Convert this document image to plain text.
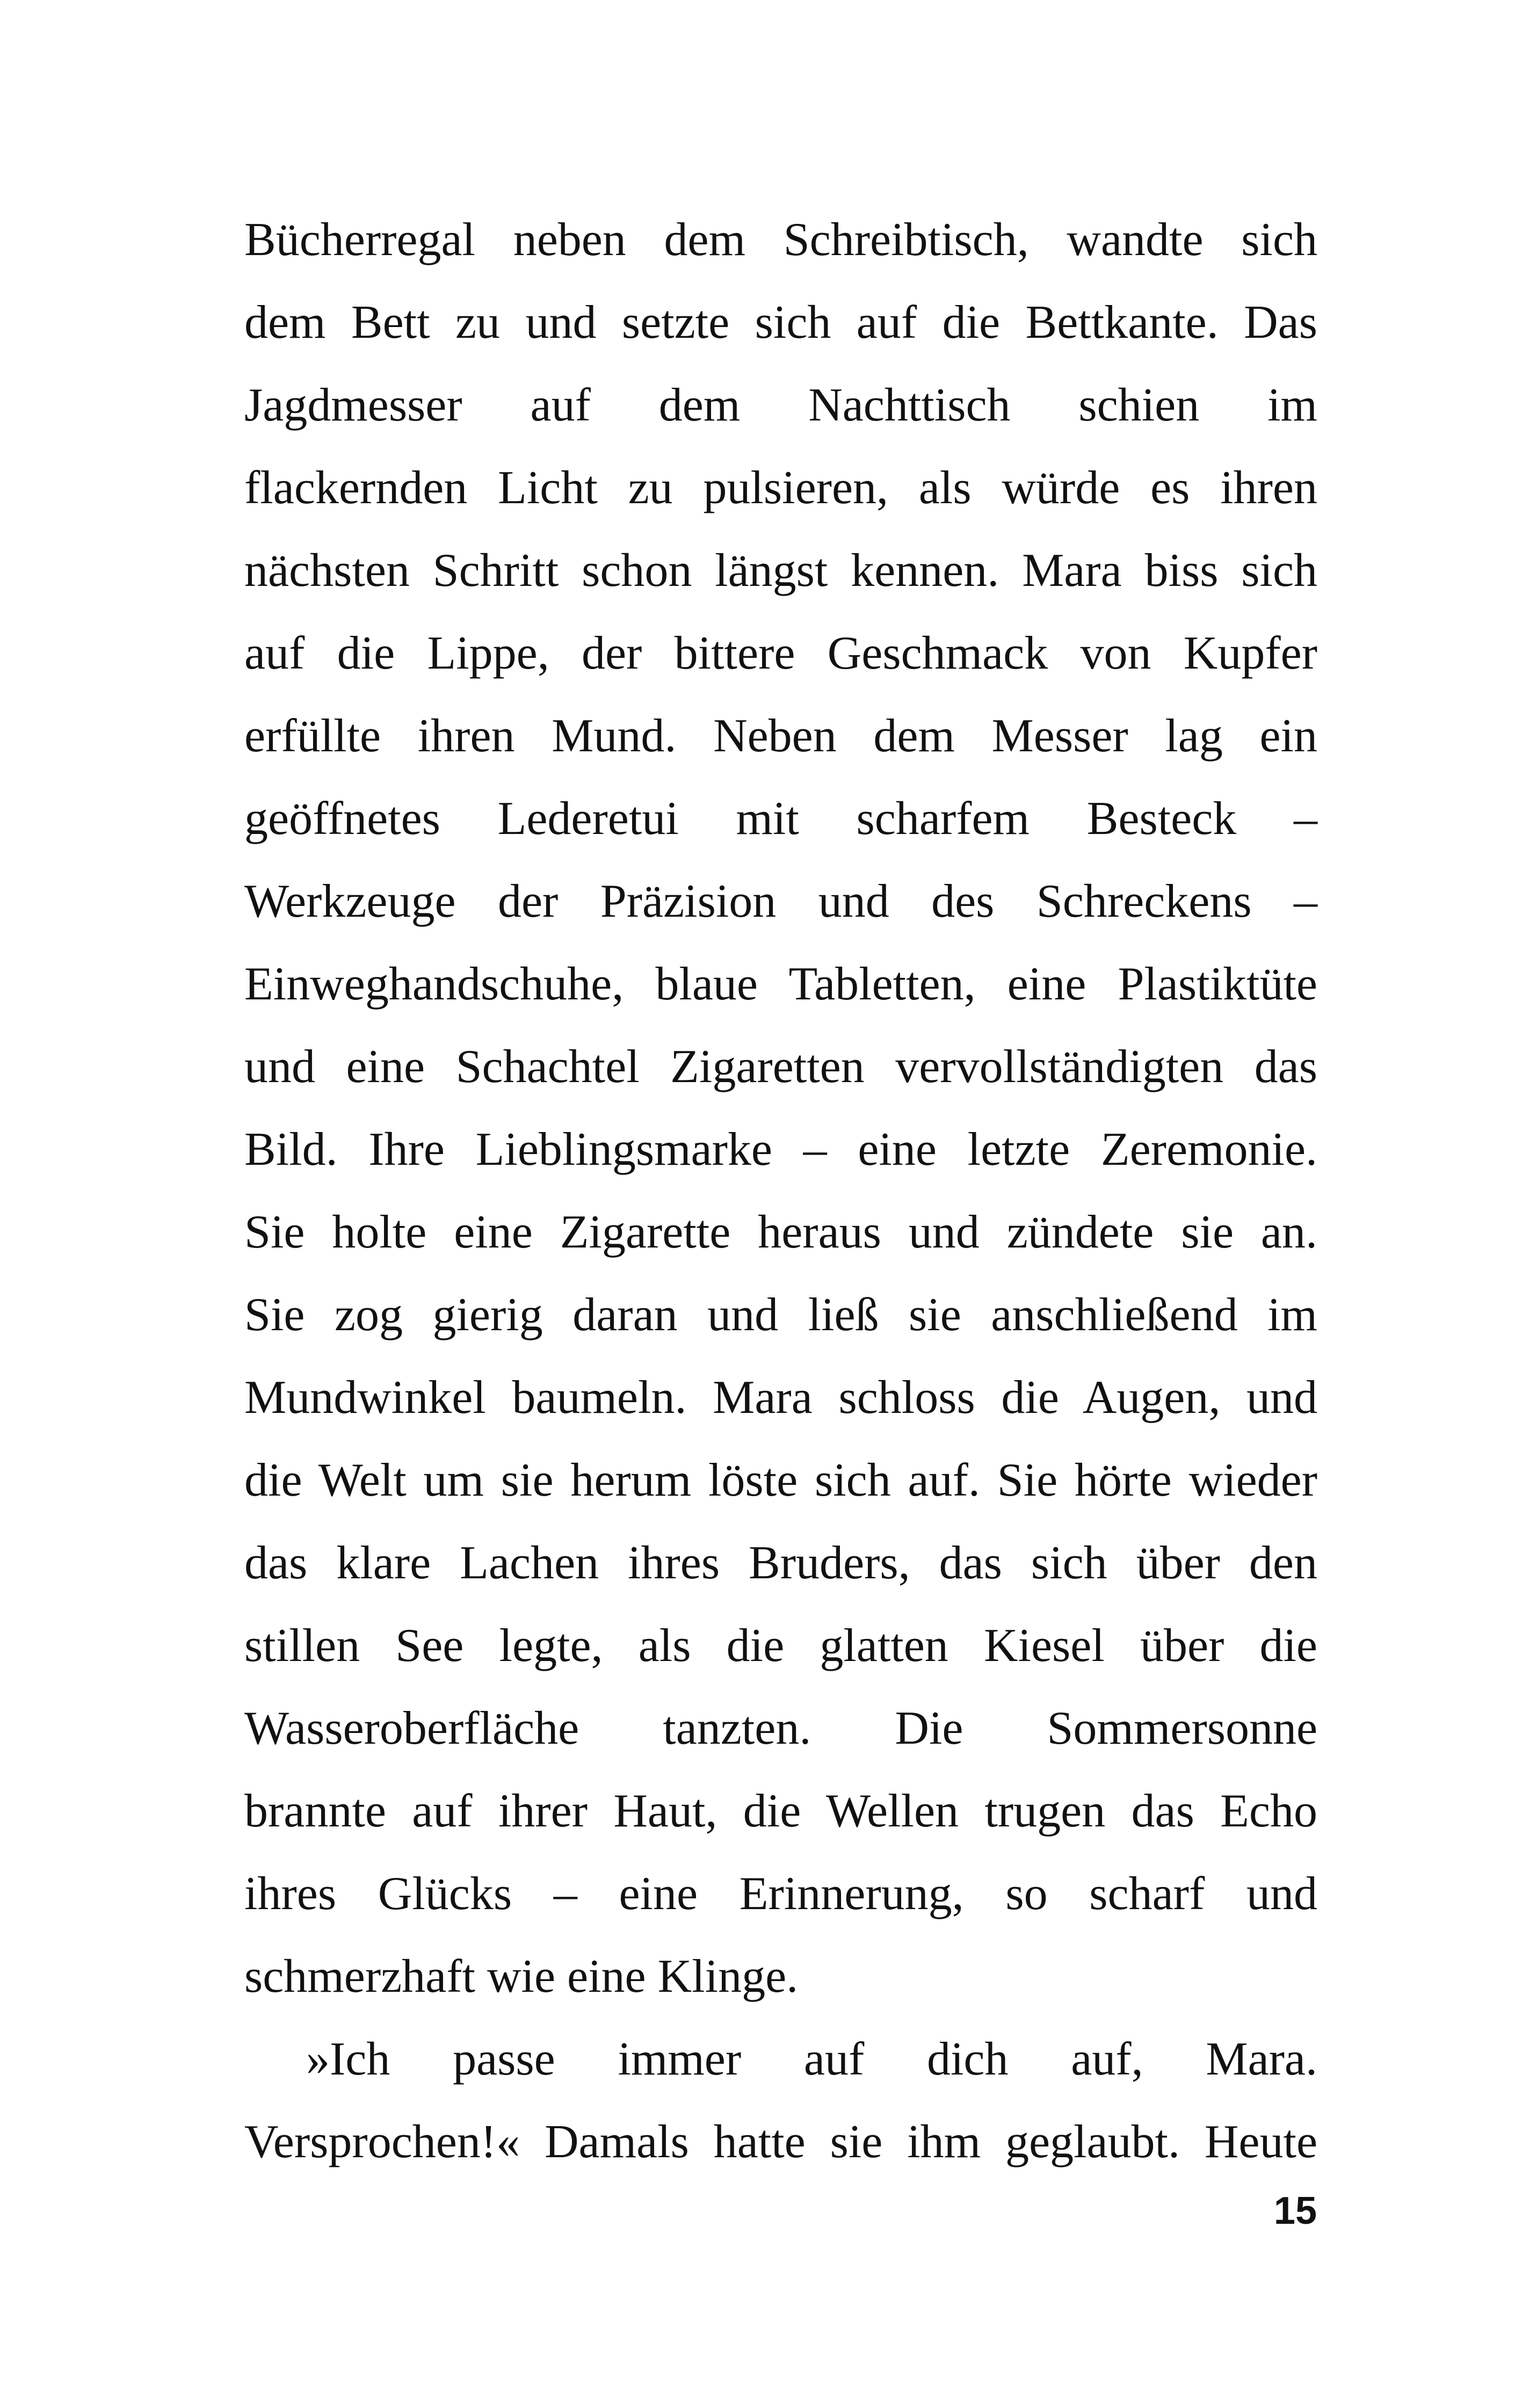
Bücherregal neben dem Schreibtisch, wandte sich
dem Bett zu und setzte sich auf die Bettkante. Das
Jagdmesser auf dem Nachttisch schien im
flackernden Licht zu pulsieren, als würde es ihren
nächsten Schritt schon längst kennen. Mara biss sich
auf die Lippe, der bittere Geschmack von Kupfer
erfüllte ihren Mund. Neben dem Messer lag ein
geöffnetes Lederetui mit scharfem Besteck –
Werkzeuge der Präzision und des Schreckens –
Einweghandschuhe, blaue Tabletten, eine Plastiktüte
und eine Schachtel Zigaretten vervollständigten das
Bild. Ihre Lieblingsmarke – eine letzte Zeremonie.
Sie holte eine Zigarette heraus und zündete sie an.
Sie zog gierig daran und ließ sie anschließend im
Mundwinkel baumeln. Mara schloss die Augen, und
die Welt um sie herum löste sich auf. Sie hörte wieder
das klare Lachen ihres Bruders, das sich über den
stillen See legte, als die glatten Kiesel über die
Wasseroberfläche tanzten. Die Sommersonne
brannte auf ihrer Haut, die Wellen trugen das Echo
ihres Glücks – eine Erinnerung, so scharf und
schmerzhaft wie eine Klinge.
»Ich passe immer auf dich auf, Mara.
Versprochen!« Damals hatte sie ihm geglaubt. Heute
15
